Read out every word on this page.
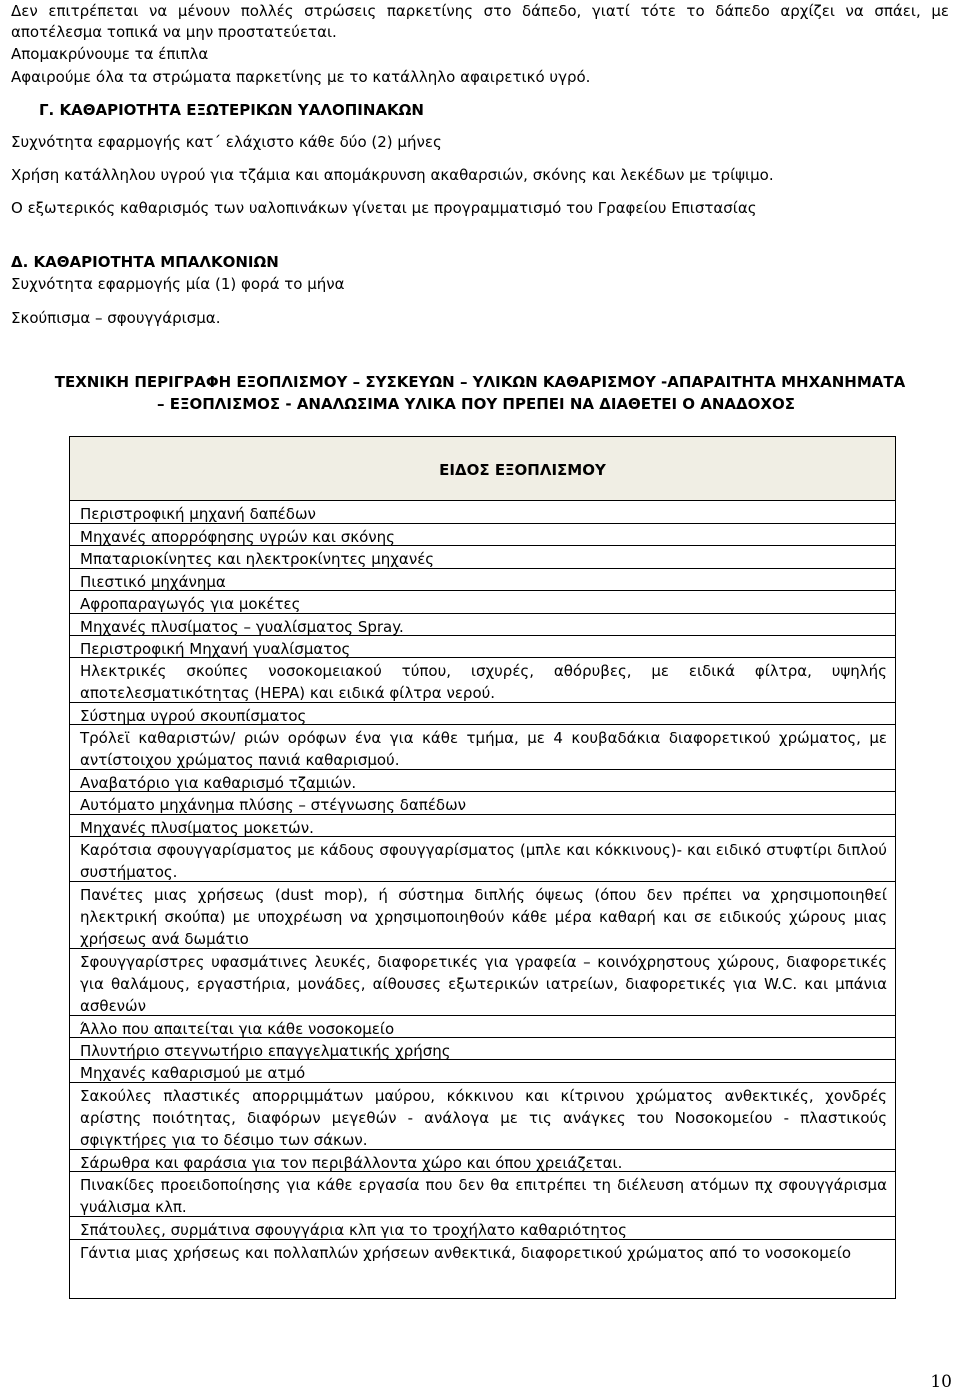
Δεν επιτρέπεται να μένουν πολλές στρώσεις παρκετίνης στο δάπεδο, γιατί τότε το δάπεδο αρχίζει να σπάει, με
αποτέλεσμα τοπικά να μην προστατεύεται.
Απομακρύνουμε τα έπιπλα
Αφαιρούμε όλα τα στρώματα παρκετίνης με το κατάλληλο αφαιρετικό υγρό.
Γ. ΚΑΘΑΡΙΟΤΗΤΑ ΕΞΩΤΕΡΙΚΩΝ ΥΑΛΟΠΙΝΑΚΩΝ
Συχνότητα εφαρμογής κατ΄ ελάχιστο κάθε δύο (2) μήνες
Χρήση κατάλληλου υγρού για τζάμια και απομάκρυνση ακαθαρσιών, σκόνης και λεκέδων με τρίψιμο.
Ο εξωτερικός καθαρισμός των υαλοπινάκων γίνεται με προγραμματισμό του Γραφείου Επιστασίας
Δ. ΚΑΘΑΡΙΟΤΗΤΑ ΜΠΑΛΚΟΝΙΩΝ
Συχνότητα εφαρμογής μία (1) φορά το μήνα
Σκούπισμα – σφουγγάρισμα.
ΤΕΧΝΙΚΗ ΠΕΡΙΓΡΑΦΗ ΕΞΟΠΛΙΣΜΟΥ – ΣΥΣΚΕΥΩΝ – ΥΛΙΚΩΝ ΚΑΘΑΡΙΣΜΟΥ -ΑΠΑΡΑΙΤΗΤΑ ΜΗΧΑΝΗΜΑΤΑ
– ΕΞΟΠΛΙΣΜΟΣ - ΑΝΑΛΩΣΙΜΑ ΥΛΙΚΑ ΠΟΥ ΠΡΕΠΕΙ ΝΑ ΔΙΑΘΕΤΕΙ Ο ΑΝΑΔΟΧΟΣ
ΕΙΔΟΣ ΕΞΟΠΛΙΣΜΟΥ
Περιστροφική μηχανή δαπέδων
Μηχανές απορρόφησης υγρών και σκόνης
Μπαταριοκίνητες και ηλεκτροκίνητες μηχανές
Πιεστικό μηχάνημα
Αφροπαραγωγός για μοκέτες
Μηχανές πλυσίματος – γυαλίσματος Spray.
Περιστροφική Μηχανή γυαλίσματος
Ηλεκτρικές σκούπες νοσοκομειακού τύπου, ισχυρές, αθόρυβες, με ειδικά φίλτρα, υψηλής αποτελεσματικότητας (HEPA) και ειδικά φίλτρα νερού.
Σύστημα υγρού σκουπίσματος
Τρόλεϊ καθαριστών/ ριών ορόφων ένα για κάθε τμήμα, με 4 κουβαδάκια διαφορετικού χρώματος, με αντίστοιχου χρώματος πανιά καθαρισμού.
Αναβατόριο για καθαρισμό τζαμιών.
Αυτόματο μηχάνημα πλύσης – στέγνωσης δαπέδων
Μηχανές πλυσίματος μοκετών.
Καρότσια σφουγγαρίσματος με κάδους σφουγγαρίσματος (μπλε και κόκκινους)- και ειδικό στυφτίρι διπλού συστήματος.
Πανέτες μιας χρήσεως (dust mop), ή σύστημα διπλής όψεως (όπου δεν πρέπει να χρησιμοποιηθεί ηλεκτρική σκούπα) με υποχρέωση να χρησιμοποιηθούν κάθε μέρα καθαρή και σε ειδικούς χώρους μιας χρήσεως ανά δωμάτιο
Σφουγγαρίστρες υφασμάτινες λευκές, διαφορετικές για γραφεία – κοινόχρηστους χώρους, διαφορετικές για θαλάμους, εργαστήρια, μονάδες, αίθουσες εξωτερικών ιατρείων, διαφορετικές για W.C. και μπάνια ασθενών
Άλλο που απαιτείται για κάθε νοσοκομείο
Πλυντήριο στεγνωτήριο επαγγελματικής χρήσης
Μηχανές καθαρισμού με ατμό
Σακούλες πλαστικές απορριμμάτων μαύρου, κόκκινου και κίτρινου χρώματος ανθεκτικές, χονδρές αρίστης ποιότητας, διαφόρων μεγεθών - ανάλογα με τις ανάγκες του Νοσοκομείου - πλαστικούς σφιγκτήρες για το δέσιμο των σάκων.
Σάρωθρα και φαράσια για τον περιβάλλοντα χώρο και όπου χρειάζεται.
Πινακίδες προειδοποίησης για κάθε εργασία που δεν θα επιτρέπει τη διέλευση ατόμων πχ σφουγγάρισμα γυάλισμα κλπ.
Σπάτουλες, συρμάτινα σφουγγάρια κλπ για το τροχήλατο καθαριότητος
Γάντια μιας χρήσεως και πολλαπλών χρήσεων ανθεκτικά, διαφορετικού χρώματος από το νοσοκομείο
10
